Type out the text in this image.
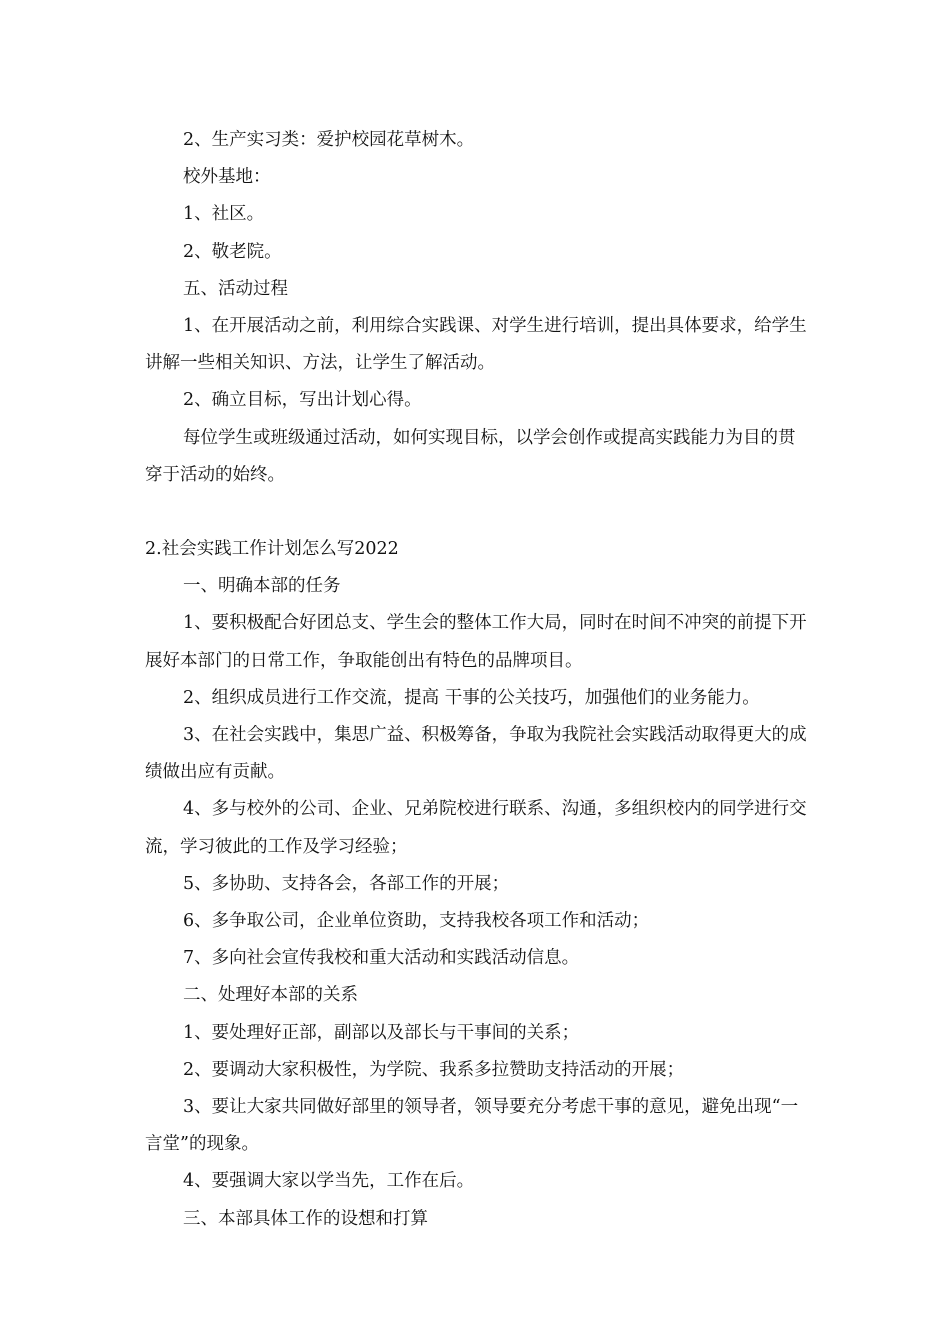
2、生产实习类：爱护校园花草树木。

校外基地：

1、社区。

2、敬老院。

五、活动过程

1、在开展活动之前，利用综合实践课、对学生进行培训，提出具体要求，给学生讲解一些相关知识、方法，让学生了解活动。

2、确立目标，写出计划心得。

每位学生或班级通过活动，如何实现目标，以学会创作或提高实践能力为目的贯穿于活动的始终。

2.社会实践工作计划怎么写2022

一、明确本部的任务

1、要积极配合好团总支、学生会的整体工作大局，同时在时间不冲突的前提下开展好本部门的日常工作，争取能创出有特色的品牌项目。

2、组织成员进行工作交流，提高 干事的公关技巧，加强他们的业务能力。

3、在社会实践中，集思广益、积极筹备，争取为我院社会实践活动取得更大的成绩做出应有贡献。

4、多与校外的公司、企业、兄弟院校进行联系、沟通，多组织校内的同学进行交流，学习彼此的工作及学习经验；

5、多协助、支持各会，各部工作的开展；

6、多争取公司，企业单位资助，支持我校各项工作和活动；

7、多向社会宣传我校和重大活动和实践活动信息。

二、处理好本部的关系

1、要处理好正部，副部以及部长与干事间的关系；

2、要调动大家积极性，为学院、我系多拉赞助支持活动的开展；

3、要让大家共同做好部里的领导者，领导要充分考虑干事的意见，避免出现“一言堂”的现象。

4、要强调大家以学当先，工作在后。

三、本部具体工作的设想和打算
